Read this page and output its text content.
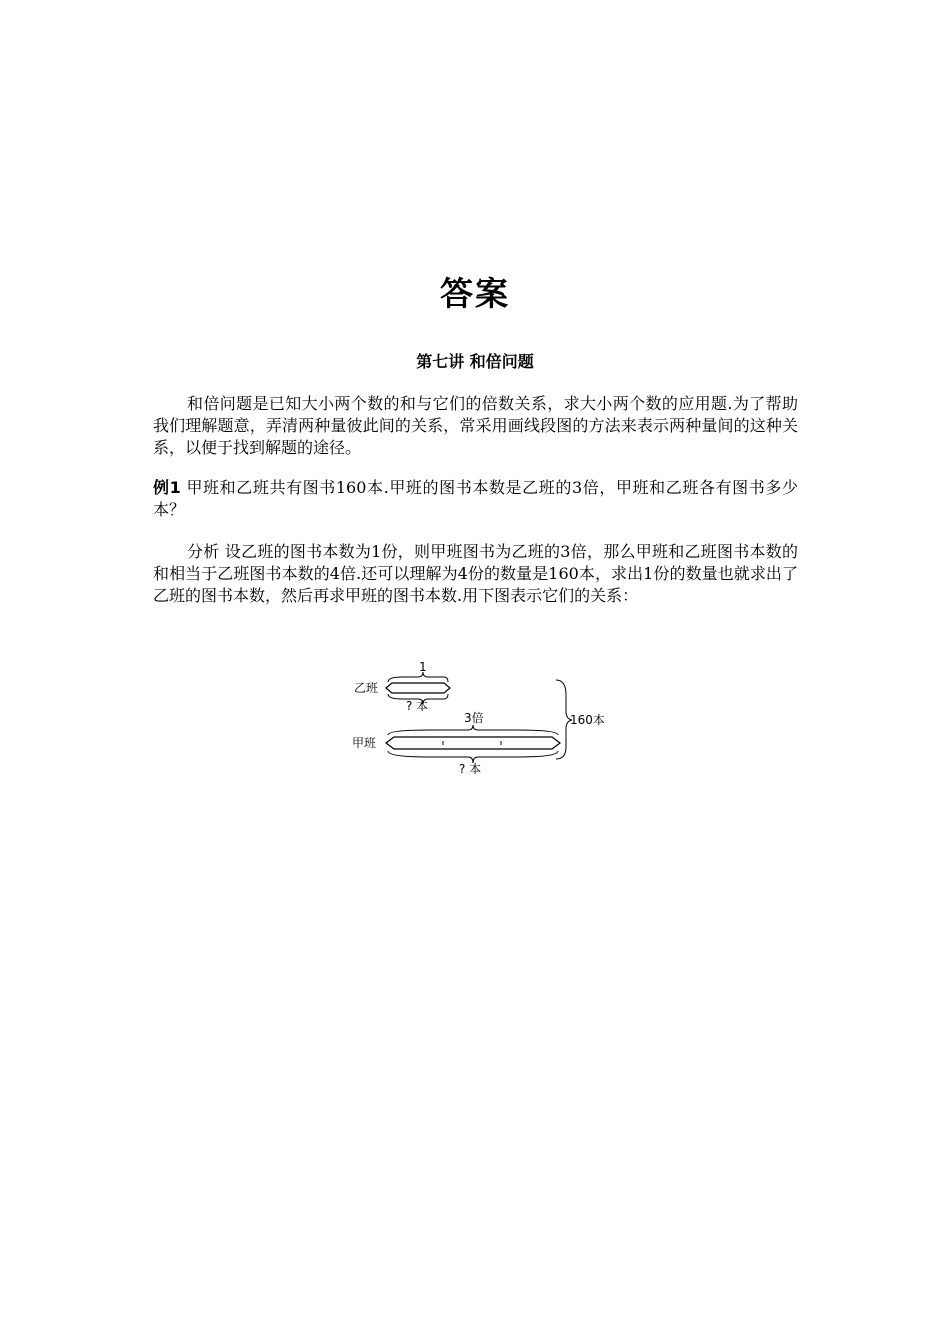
答案
第七讲 和倍问题
和倍问题是已知大小两个数的和与它们的倍数关系，求大小两个数的应用题.为了帮助我们理解题意，弄清两种量彼此间的关系，常采用画线段图的方法来表示两种量间的这种关系，以便于找到解题的途径。
例1 甲班和乙班共有图书160本.甲班的图书本数是乙班的3倍，甲班和乙班各有图书多少本？
分析 设乙班的图书本数为1份，则甲班图书为乙班的3倍，那么甲班和乙班图书本数的和相当于乙班图书本数的4倍.还可以理解为4份的数量是160本，求出1份的数量也就求出了乙班的图书本数，然后再求甲班的图书本数.用下图表示它们的关系：
乙班
1
? 本
3倍
甲班
? 本
160本
